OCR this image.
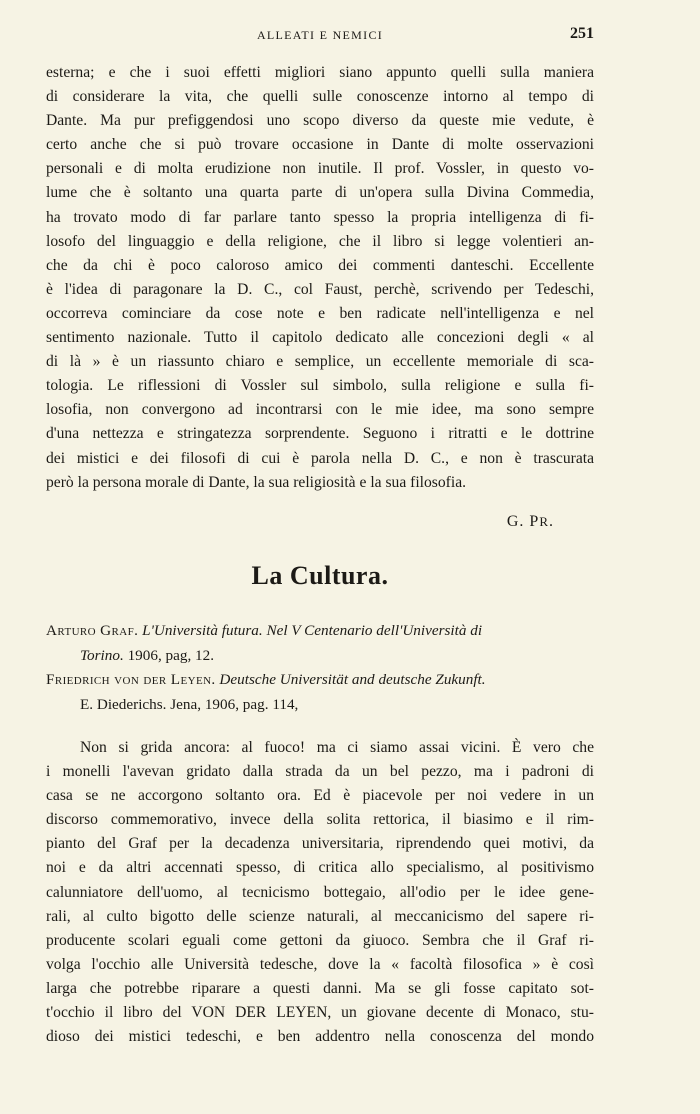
ALLEATI E NEMICI	251
esterna; e che i suoi effetti migliori siano appunto quelli sulla maniera
di considerare la vita, che quelli sulle conoscenze intorno al tempo di
Dante. Ma pur prefiggendosi uno scopo diverso da queste mie vedute, è
certo anche che si può trovare occasione in Dante di molte osservazioni
personali e di molta erudizione non inutile. Il prof. Vossler, in questo vo-
lume che è soltanto una quarta parte di un'opera sulla Divina Commedia,
ha trovato modo di far parlare tanto spesso la propria intelligenza di fi-
losofo del linguaggio e della religione, che il libro si legge volentieri an-
che da chi è poco caloroso amico dei commenti danteschi. Eccellente
è l'idea di paragonare la D. C., col Faust, perchè, scrivendo per Tedeschi,
occorreva cominciare da cose note e ben radicate nell'intelligenza e nel
sentimento nazionale. Tutto il capitolo dedicato alle concezioni degli « al
di là » è un riassunto chiaro e semplice, un eccellente memoriale di sca-
tologia. Le riflessioni di Vossler sul simbolo, sulla religione e sulla fi-
losofia, non convergono ad incontrarsi con le mie idee, ma sono sempre
d'una nettezza e stringatezza sorprendente. Seguono i ritratti e le dottrine
dei mistici e dei filosofi di cui è parola nella D. C., e non è trascurata
però la persona morale di Dante, la sua religiosità e la sua filosofia.
G. PR.
La Cultura.
Arturo Graf. L'Università futura. Nel V Centenario dell'Università di
Torino. 1906, pag, 12.
Friedrich von der Leyen. Deutsche Universität and deutsche Zukunft.
E. Diederichs. Jena, 1906, pag. 114,
Non si grida ancora: al fuoco! ma ci siamo assai vicini. È vero che
i monelli l'avevan gridato dalla strada da un bel pezzo, ma i padroni di
casa se ne accorgono soltanto ora. Ed è piacevole per noi vedere in un
discorso commemorativo, invece della solita rettorica, il biasimo e il rim-
pianto del Graf per la decadenza universitaria, riprendendo quei motivi, da
noi e da altri accennati spesso, di critica allo specialismo, al positivismo
calunniatore dell'uomo, al tecnicismo bottegaio, all'odio per le idee gene-
rali, al culto bigotto delle scienze naturali, al meccanicismo del sapere ri-
producente scolari eguali come gettoni da giuoco. Sembra che il Graf ri-
volga l'occhio alle Università tedesche, dove la « facoltà filosofica » è così
larga che potrebbe riparare a questi danni. Ma se gli fosse capitato sot-
t'occhio il libro del VON DER LEYEN, un giovane decente di Monaco, stu-
dioso dei mistici tedeschi, e ben addentro nella conoscenza del mondo
